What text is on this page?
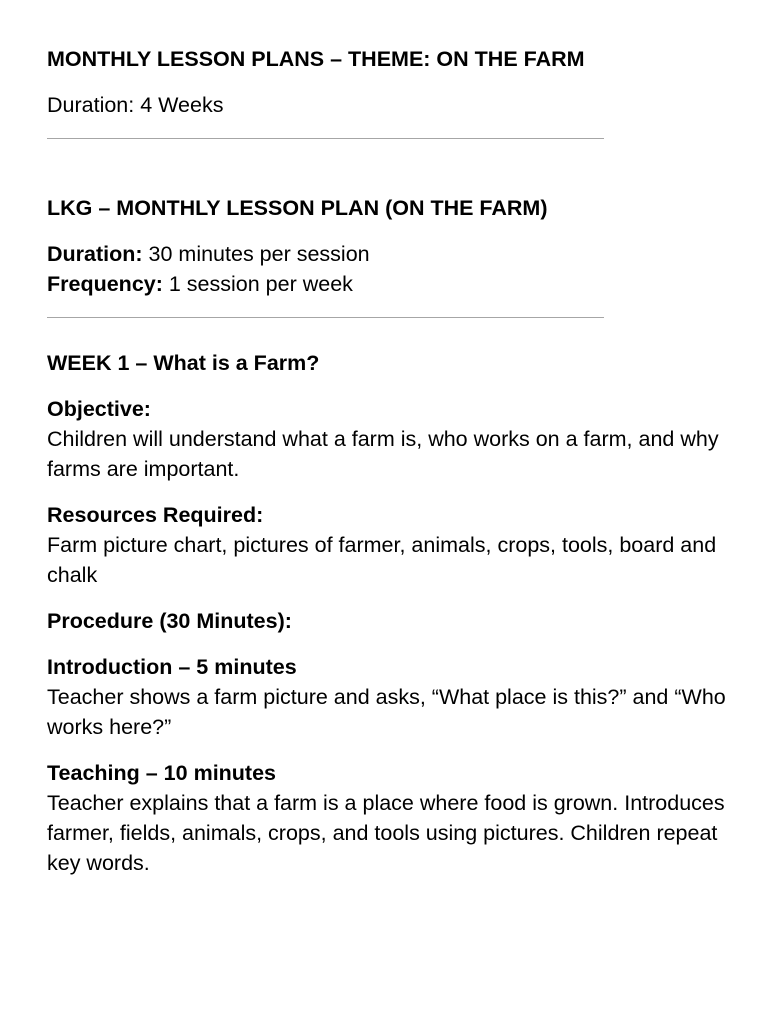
MONTHLY LESSON PLANS – THEME: ON THE FARM

Duration: 4 Weeks

LKG – MONTHLY LESSON PLAN (ON THE FARM)

Duration: 30 minutes per session

Frequency: 1 session per week

WEEK 1 – What is a Farm?

Objective:

Children will understand what a farm is, who works on a farm, and why farms are important.

Resources Required:

Farm picture chart, pictures of farmer, animals, crops, tools, board and chalk

Procedure (30 Minutes):

Introduction – 5 minutes

Teacher shows a farm picture and asks, “What place is this?” and “Who works here?”

Teaching – 10 minutes

Teacher explains that a farm is a place where food is grown. Introduces farmer, fields, animals, crops, and tools using pictures. Children repeat key words.
